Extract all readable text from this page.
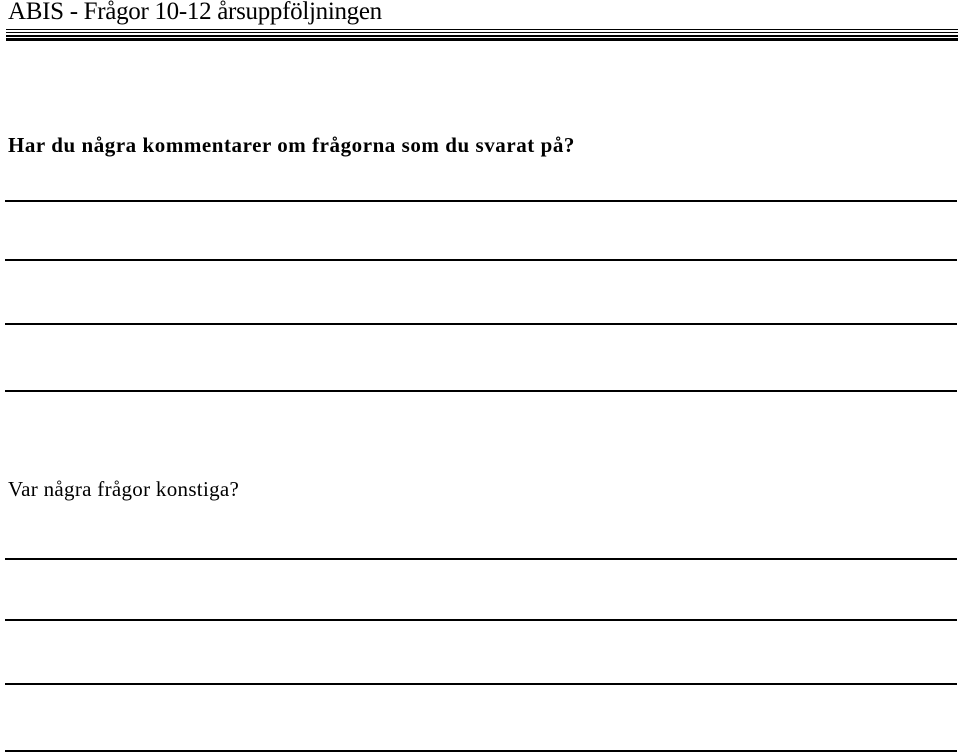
ABIS - Frågor 10-12 årsuppföljningen
Har du några kommentarer om frågorna som du svarat på?
Var några frågor konstiga?
